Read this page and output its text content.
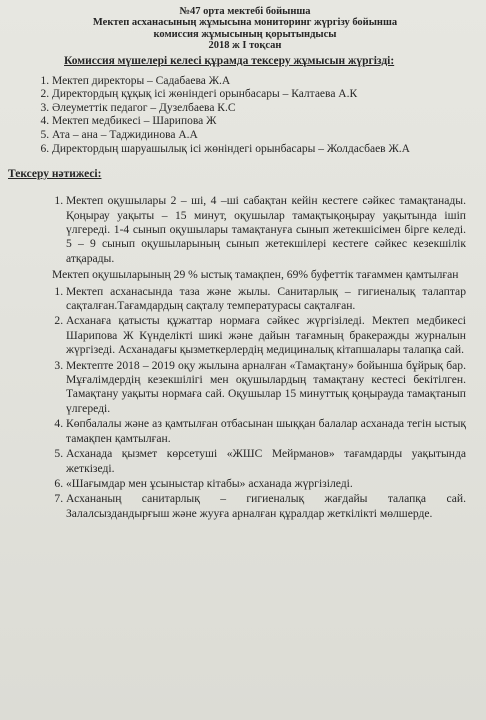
№47 орта мектебі бойынша
Мектеп асханасының жұмысына мониторинг жүргізу бойынша
комиссия жұмысының қорытындысы
2018 ж І тоқсан
Комиссия мүшелері келесі құрамда тексеру жұмысын жүргізді:
1. Мектеп директоры – Садабаева Ж.А
2. Директордың құқық ісі жөніндегі орынбасары – Калтаева А.К
3. Әлеуметтік педагог – Дузелбаева К.С
4. Мектеп медбикесі – Шарипова Ж
5. Ата – ана – Таджидинова А.А
6. Директордың шаруашылық ісі жөніндегі орынбасары – Жолдасбаев Ж.А
Тексеру нәтижесі:
1. Мектеп оқушылары 2 – ші, 4 –ші сабақтан кейін кестеге сәйкес тамақтанады. Қоңырау уақыты – 15 минут, оқушылар тамақтықоңырау уақытында ішіп үлгереді. 1-4 сынып оқушылары тамақтануға сынып жетекшісімен бірге келеді. 5 – 9 сынып оқушыларының сынып жетекшілері кестеге сәйкес кезекшілік атқарады.
Мектеп оқушыларының 29 % ыстық тамақпен, 69% буфеттік тағаммен қамтылған
1. Мектеп асханасында таза және жылы. Санитарлық – гигиеналық талаптар сақталған.Тағамдардың сақталу температурасы сақталған.
2. Асханаға қатысты құжаттар нормаға сәйкес жүргізіледі. Мектеп медбикесі Шарипова Ж Күнделікті шикі және дайын тағамның бракеражды журналын жүргізеді. Асханадағы қызметкерлердің медициналық кітапшалары талапқа сай.
3. Мектепте 2018 – 2019 оқу жылына арналған «Тамақтану» бойынша бұйрық бар. Мұғалімдердің кезекшілігі мен оқушылардың тамақтану кестесі бекітілген. Тамақтану уақыты нормаға сай. Оқушылар 15 минуттық қоңырауда тамақтанып үлгереді.
4. Көпбалалы және аз қамтылған отбасынан шыққан балалар асханада тегін ыстық тамақпен қамтылған.
5. Асханада қызмет көрсетуші «ЖШС Мейрманов» тағамдарды уақытында жеткізеді.
6. «Шағымдар мен ұсыныстар кітабы» асханада жүргізіледі.
7. Асхананың санитарлық – гигиеналық жағдайы талапқа сай. Залалсыздандырғыш және жууға арналған құралдар жеткілікті мөлшерде.
